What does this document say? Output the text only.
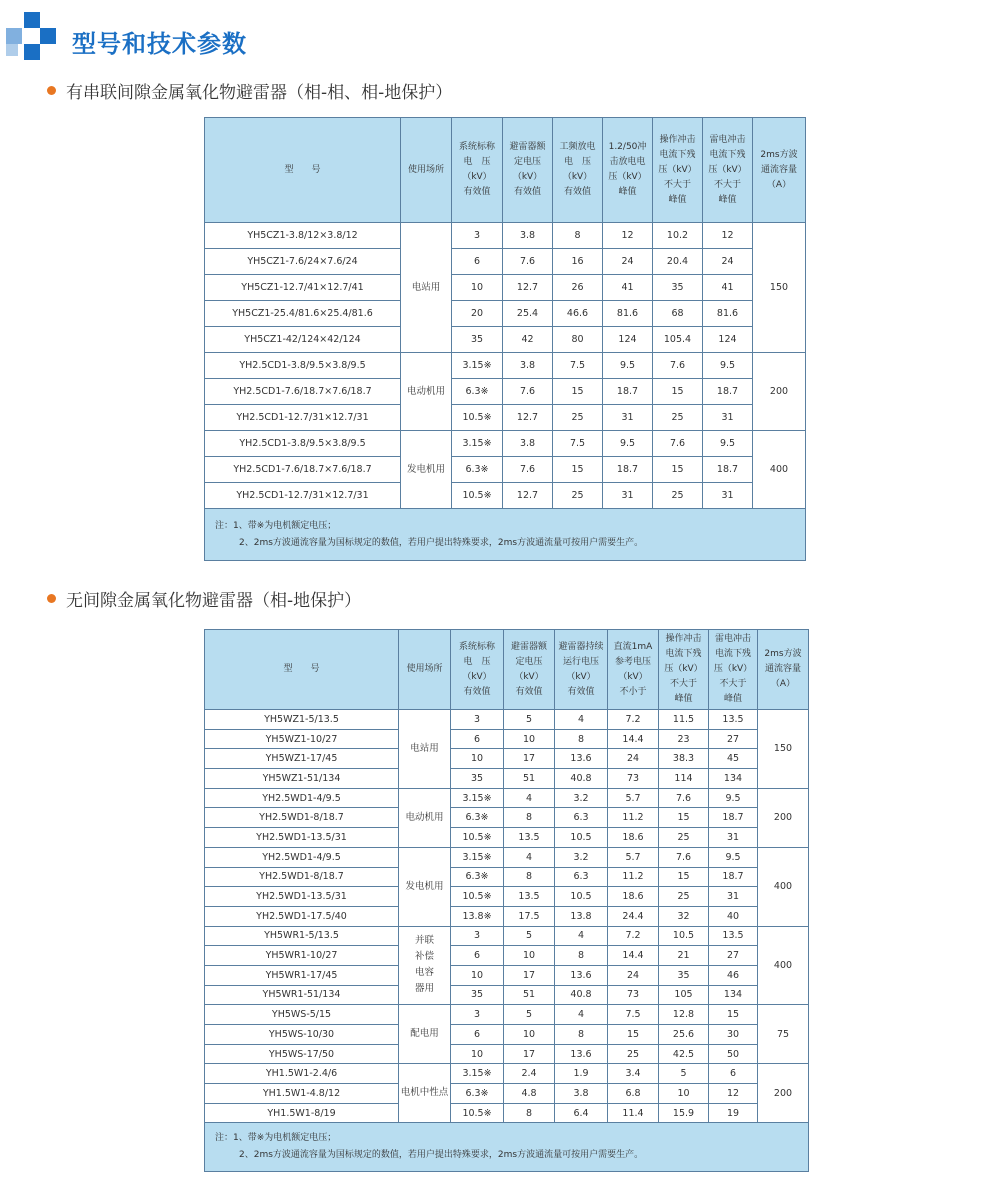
型号和技术参数
有串联间隙金属氧化物避雷器（相-相、相-地保护）
型　　号	使用场所	系统标称
电　压
（kV）
有效值	避雷器额
定电压
（kV）
有效值	工频放电
电　压
（kV）
有效值	1.2/50冲
击放电电
压（kV）
峰值	操作冲击
电流下残
压（kV）
不大于
峰值	雷电冲击
电流下残
压（kV）
不大于
峰值	2ms方波
通流容量
（A）

YH5CZ1-3.8/12×3.8/12	电站用	3	3.8	8	12	10.2	12	150
YH5CZ1-7.6/24×7.6/24		6	7.6	16	24	20.4	24	
YH5CZ1-12.7/41×12.7/41		10	12.7	26	41	35	41	
YH5CZ1-25.4/81.6×25.4/81.6		20	25.4	46.6	81.6	68	81.6	
YH5CZ1-42/124×42/124		35	42	80	124	105.4	124	
YH2.5CD1-3.8/9.5×3.8/9.5	电动机用	3.15※	3.8	7.5	9.5	7.6	9.5	200
YH2.5CD1-7.6/18.7×7.6/18.7		6.3※	7.6	15	18.7	15	18.7	
YH2.5CD1-12.7/31×12.7/31		10.5※	12.7	25	31	25	31	
YH2.5CD1-3.8/9.5×3.8/9.5	发电机用	3.15※	3.8	7.5	9.5	7.6	9.5	400
YH2.5CD1-7.6/18.7×7.6/18.7		6.3※	7.6	15	18.7	15	18.7	
YH2.5CD1-12.7/31×12.7/31		10.5※	12.7	25	31	25	31	

注：1、带※为电机额定电压；
2、2ms方波通流容量为国标规定的数值，若用户提出特殊要求，2ms方波通流量可按用户需要生产。								
无间隙金属氧化物避雷器（相-地保护）
型　　号	使用场所	系统标称
电　压
（kV）
有效值	避雷器额
定电压
（kV）
有效值	避雷器持续
运行电压
（kV）
有效值	直流1mA
参考电压
（kV）
不小于	操作冲击
电流下残
压（kV）
不大于
峰值	雷电冲击
电流下残
压（kV）
不大于
峰值	2ms方波
通流容量
（A）

YH5WZ1-5/13.5	电站用	3	5	4	7.2	11.5	13.5	150
YH5WZ1-10/27		6	10	8	14.4	23	27	
YH5WZ1-17/45		10	17	13.6	24	38.3	45	
YH5WZ1-51/134		35	51	40.8	73	114	134	
YH2.5WD1-4/9.5	电动机用	3.15※	4	3.2	5.7	7.6	9.5	200
YH2.5WD1-8/18.7		6.3※	8	6.3	11.2	15	18.7	
YH2.5WD1-13.5/31		10.5※	13.5	10.5	18.6	25	31	
YH2.5WD1-4/9.5	发电机用	3.15※	4	3.2	5.7	7.6	9.5	400
YH2.5WD1-8/18.7		6.3※	8	6.3	11.2	15	18.7	
YH2.5WD1-13.5/31		10.5※	13.5	10.5	18.6	25	31	
YH2.5WD1-17.5/40		13.8※	17.5	13.8	24.4	32	40	
YH5WR1-5/13.5	并联
补偿
电容
器用	3	5	4	7.2	10.5	13.5	400
YH5WR1-10/27		6	10	8	14.4	21	27	
YH5WR1-17/45		10	17	13.6	24	35	46	
YH5WR1-51/134		35	51	40.8	73	105	134	
YH5WS-5/15	配电用	3	5	4	7.5	12.8	15	75
YH5WS-10/30		6	10	8	15	25.6	30	
YH5WS-17/50		10	17	13.6	25	42.5	50	
YH1.5W1-2.4/6	电机中性点	3.15※	2.4	1.9	3.4	5	6	200
YH1.5W1-4.8/12		6.3※	4.8	3.8	6.8	10	12	
YH1.5W1-8/19		10.5※	8	6.4	11.4	15.9	19	

注：1、带※为电机额定电压；
2、2ms方波通流容量为国标规定的数值，若用户提出特殊要求，2ms方波通流量可按用户需要生产。								
